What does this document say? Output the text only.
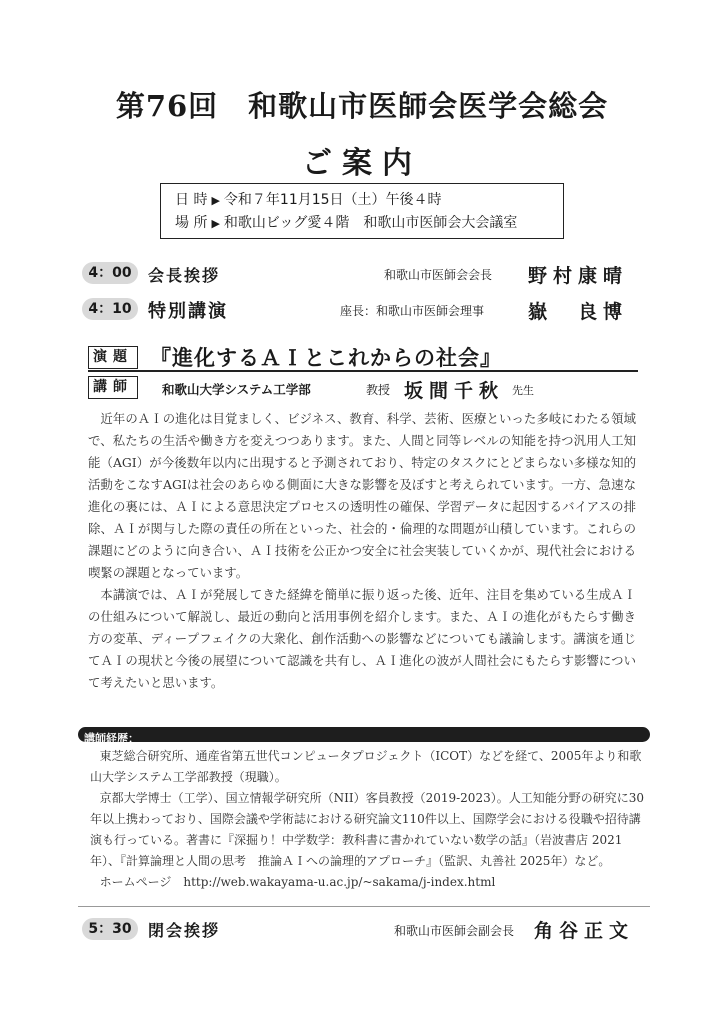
第76回　和歌山市医師会医学会総会
ご案内
日 時 ▶ 令和７年11月15日（土）午後４時
場 所 ▶ 和歌山ビッグ愛４階　和歌山市医師会大会議室
4：00	会長挨拶	和歌山市医師会会長 野村康晴
4：10 特別講演	座長：和歌山市医師会理事 嶽　良博
演題 『進化するＡＩとこれからの社会』
講師	和歌山大学システム工学部	教授 坂間千秋 先生

近年のＡＩの進化は目覚ましく、ビジネス、教育、科学、芸術、医療といった多岐にわたる領域で、私たちの生活や働き方を変えつつあります。また、人間と同等レベルの知能を持つ汎用人工知能（AGI）が今後数年以内に出現すると予測されており、特定のタスクにとどまらない多様な知的活動をこなすAGIは社会のあらゆる側面に大きな影響を及ぼすと考えられています。一方、急速な進化の裏には、ＡＩによる意思決定プロセスの透明性の確保、学習データに起因するバイアスの排除、ＡＩが関与した際の責任の所在といった、社会的・倫理的な問題が山積しています。これらの課題にどのように向き合い、ＡＩ技術を公正かつ安全に社会実装していくかが、現代社会における喫緊の課題となっています。

本講演では、ＡＩが発展してきた経緯を簡単に振り返った後、近年、注目を集めている生成ＡＩの仕組みについて解説し、最近の動向と活用事例を紹介します。また、ＡＩの進化がもたらす働き方の変革、ディープフェイクの大衆化、創作活動への影響などについても議論します。講演を通じてＡＩの現状と今後の展望について認識を共有し、ＡＩ進化の波が人間社会にもたらす影響について考えたいと思います。

講師経歴：

東芝総合研究所、通産省第五世代コンピュータプロジェクト（ICOT）などを経て、2005年より和歌山大学システム工学部教授（現職）。

京都大学博士（工学）、国立情報学研究所（NII）客員教授（2019-2023）。人工知能分野の研究に30年以上携わっており、国際会議や学術誌における研究論文110件以上、国際学会における役職や招待講演も行っている。著書に『深掘り！中学数学：教科書に書かれていない数学の話』（岩波書店 2021年）、『計算論理と人間の思考　推論ＡＩへの論理的アプローチ』（監訳、丸善社 2025年）など。

ホームページ　http://web.wakayama-u.ac.jp/~sakama/j-index.html

5：30	閉会挨拶	和歌山市医師会副会長 角谷正文
